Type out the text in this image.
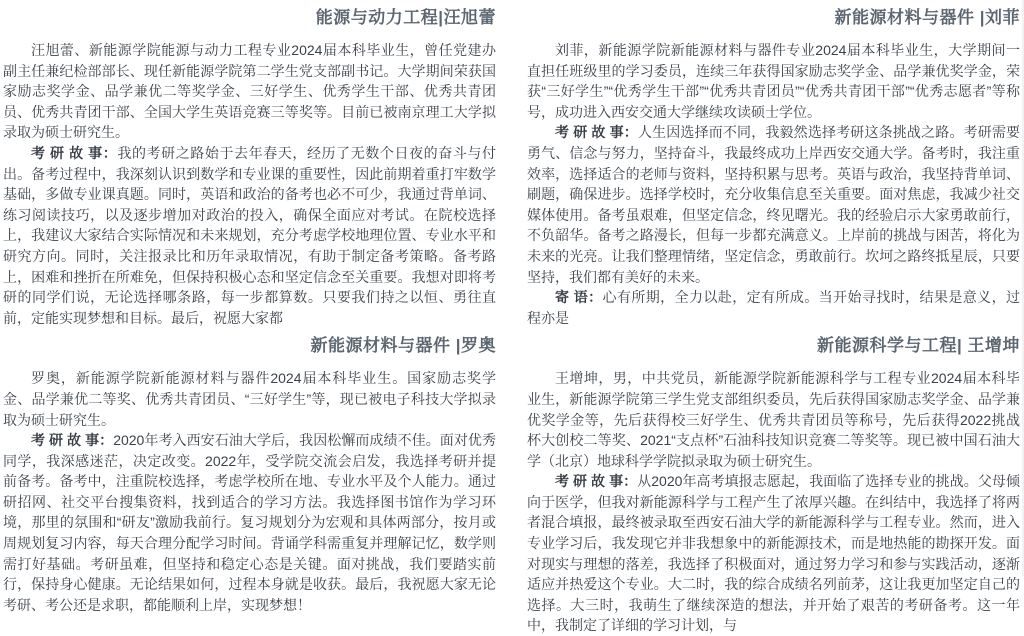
能源与动力工程|汪旭蕾

汪旭蕾、新能源学院能源与动力工程专业2024届本科毕业生，曾任党建办副主任兼纪检部部长、现任新能源学院第二学生党支部副书记。大学期间荣获国家励志奖学金、品学兼优二等奖学金、三好学生、优秀学生干部、优秀共青团员、优秀共青团干部、全国大学生英语竞赛三等奖等。目前已被南京理工大学拟录取为硕士研究生。

考 研 故 事：我的考研之路始于去年春天，经历了无数个日夜的奋斗与付出。备考过程中，我深刻认识到数学和专业课的重要性，因此前期着重打牢数学基础，多做专业课真题。同时，英语和政治的备考也必不可少，我通过背单词、练习阅读技巧，以及逐步增加对政治的投入，确保全面应对考试。在院校选择上，我建议大家结合实际情况和未来规划，充分考虑学校地理位置、专业水平和研究方向。同时，关注报录比和历年录取情况，有助于制定备考策略。备考路上，困难和挫折在所难免，但保持积极心态和坚定信念至关重要。我想对即将考研的同学们说，无论选择哪条路，每一步都算数。只要我们持之以恒、勇往直前，定能实现梦想和目标。最后，祝愿大家都

新能源材料与器件 |罗奥

罗奥，新能源学院新能源材料与器件2024届本科毕业生。国家励志奖学金、品学兼优二等奖、优秀共青团员、“三好学生”等，现已被电子科技大学拟录取为硕士研究生。

考 研 故 事：2020年考入西安石油大学后，我因松懈而成绩不佳。面对优秀同学，我深感迷茫，决定改变。2022年，受学院交流会启发，我选择考研并提前备考。备考中，注重院校选择，考虑学校所在地、专业水平及个人能力。通过研招网、社交平台搜集资料，找到适合的学习方法。我选择图书馆作为学习环境，那里的氛围和“研友”激励我前行。复习规划分为宏观和具体两部分，按月或周规划复习内容，每天合理分配学习时间。背诵学科需重复并理解记忆，数学则需打好基础。考研虽难，但坚持和稳定心态是关键。面对挑战，我们要踏实前行，保持身心健康。无论结果如何，过程本身就是收获。最后，我祝愿大家无论考研、考公还是求职，都能顺利上岸，实现梦想！

新能源材料与器件 |刘菲

刘菲，新能源学院新能源材料与器件专业2024届本科毕业生，大学期间一直担任班级里的学习委员，连续三年获得国家励志奖学金、品学兼优奖学金，荣获“三好学生”“优秀学生干部”“优秀共青团员”“优秀共青团干部”“优秀志愿者”等称号，成功进入西安交通大学继续攻读硕士学位。

考 研 故 事：人生因选择而不同，我毅然选择考研这条挑战之路。考研需要勇气、信念与努力，坚持奋斗，我最终成功上岸西安交通大学。备考时，我注重效率，选择适合的老师与资料，坚持积累与思考。英语与政治，我坚持背单词、刷题，确保进步。选择学校时，充分收集信息至关重要。面对焦虑，我减少社交媒体使用。备考虽艰难，但坚定信念，终见曙光。我的经验启示大家勇敢前行，不负韶华。备考之路漫长，但每一步都充满意义。上岸前的挑战与困苦，将化为未来的光亮。让我们整理情绪，坚定信念，勇敢前行。坎坷之路终抵星辰，只要坚持，我们都有美好的未来。

寄 语：心有所期，全力以赴，定有所成。当开始寻找时，结果是意义，过程亦是

新能源科学与工程| 王增坤

王增坤，男，中共党员，新能源学院新能源科学与工程专业2024届本科毕业生，新能源学院第三学生党支部组织委员，先后获得国家励志奖学金、品学兼优奖学金等，先后获得校三好学生、优秀共青团员等称号，先后获得2022挑战杯大创校二等奖、2021“支点杯”石油科技知识竞赛二等奖等。现已被中国石油大学（北京）地球科学学院拟录取为硕士研究生。

考 研 故 事：从2020年高考填报志愿起，我面临了选择专业的挑战。父母倾向于医学，但我对新能源科学与工程产生了浓厚兴趣。在纠结中，我选择了将两者混合填报，最终被录取至西安石油大学的新能源科学与工程专业。然而，进入专业学习后，我发现它并非我想象中的新能源技术，而是地热能的勘探开发。面对现实与理想的落差，我选择了积极面对，通过努力学习和参与实践活动，逐渐适应并热爱这个专业。大二时，我的综合成绩名列前茅，这让我更加坚定自己的选择。大三时，我萌生了继续深造的想法，并开始了艰苦的考研备考。这一年中，我制定了详细的学习计划，与
